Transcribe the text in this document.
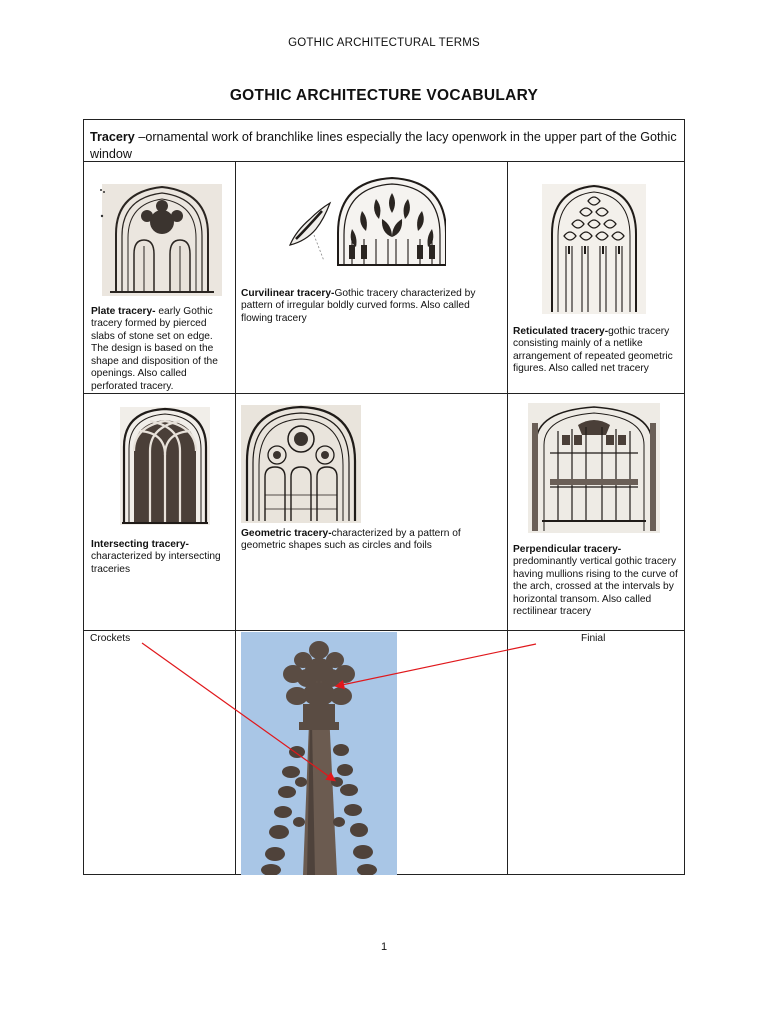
GOTHIC ARCHITECTURAL TERMS
GOTHIC ARCHITECTURE VOCABULARY
Tracery –ornamental work of branchlike lines especially the lacy openwork in the upper part of the Gothic window
Plate tracery- early Gothic tracery formed by pierced slabs of stone set on edge. The design is based on the shape and disposition of the openings. Also called perforated tracery.
Curvilinear tracery-Gothic tracery characterized by pattern of irregular boldly curved forms. Also called flowing tracery
Reticulated tracery-gothic tracery consisting mainly of a netlike arrangement of repeated geometric figures. Also called net tracery
Intersecting tracery- characterized by intersecting traceries
Geometric tracery-characterized by a pattern of geometric shapes such as circles and foils	Perpendicular tracery- predominantly vertical gothic tracery having mullions rising to the curve of the arch, crossed at the intervals by horizontal transom. Also called rectilinear tracery
Crockets	Finial
1
